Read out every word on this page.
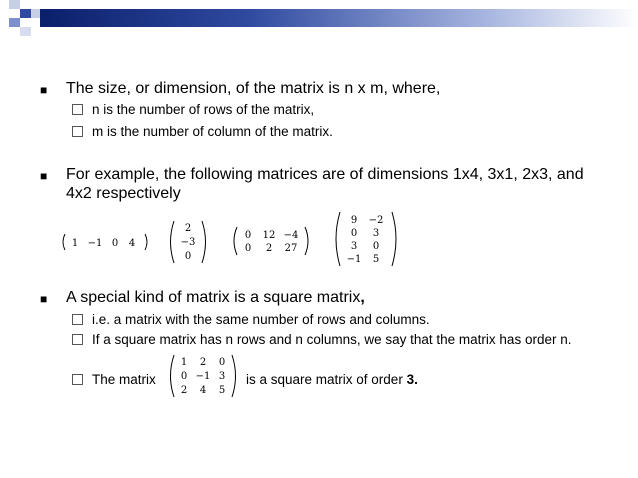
■ The size, or dimension, of the matrix is n x m, where,
n is the number of rows of the matrix,
m is the number of column of the matrix.
■ For example, the following matrices are of dimensions 1x4, 3x1, 2x3, and 4x2 respectively
1 −1 0 4
2
−3
0
0 12 −4
0 2 27
9 −2
0 3
3 0
−1 5
■ A special kind of matrix is a square matrix,
i.e. a matrix with the same number of rows and columns.
If a square matrix has n rows and n columns, we say that the matrix has order n.
The matrix	is a square matrix of order 3.
1 2 0
0 −1 3
2 4 5
